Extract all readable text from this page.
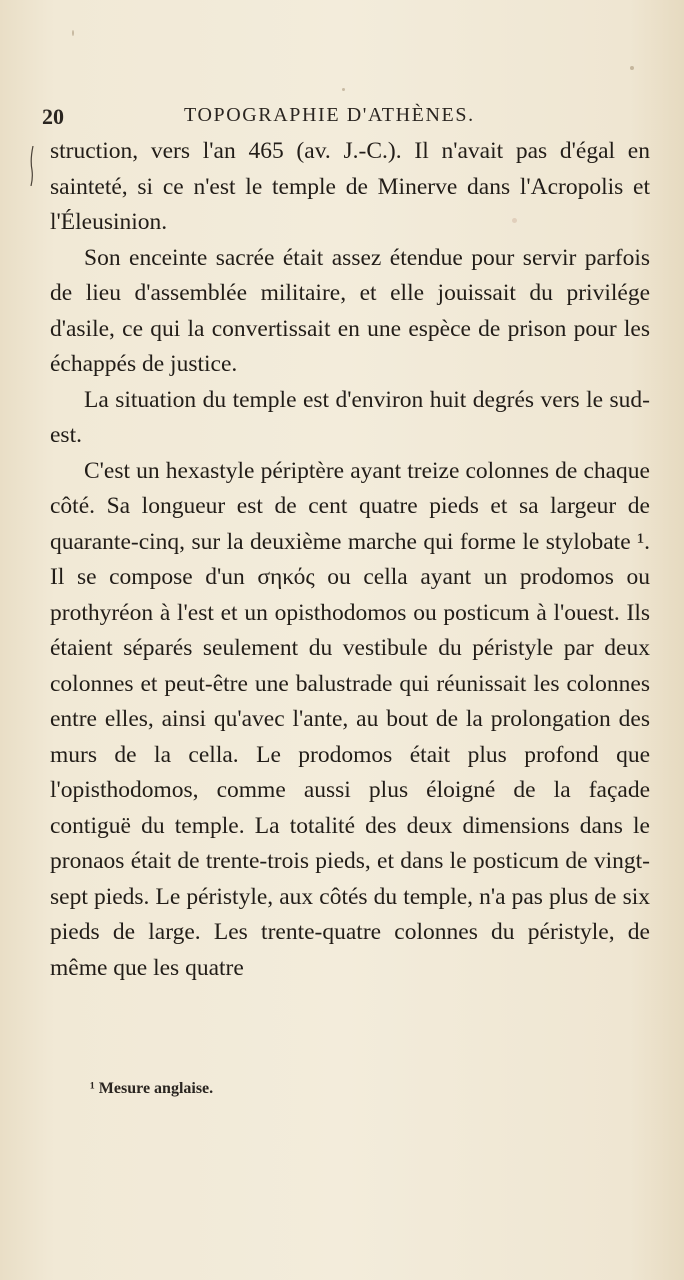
20	TOPOGRAPHIE D'ATHÈNES.

struction, vers l'an 465 (av. J.-C.). Il n'avait pas d'égal en sainteté, si ce n'est le temple de Minerve dans l'Acropolis et l'Éleusinion.

Son enceinte sacrée était assez étendue pour servir parfois de lieu d'assemblée militaire, et elle jouissait du privilége d'asile, ce qui la convertissait en une espèce de prison pour les échappés de justice.

La situation du temple est d'environ huit degrés vers le sud-est.

C'est un hexastyle périptère ayant treize colonnes de chaque côté. Sa longueur est de cent quatre pieds et sa largeur de quarante-cinq, sur la deuxième marche qui forme le stylobate ¹. Il se compose d'un σηκός ou cella ayant un prodomos ou prothyréon à l'est et un opisthodomos ou posticum à l'ouest. Ils étaient séparés seulement du vestibule du péristyle par deux colonnes et peut-être une balustrade qui réunissait les colonnes entre elles, ainsi qu'avec l'ante, au bout de la prolongation des murs de la cella. Le prodomos était plus profond que l'opisthodomos, comme aussi plus éloigné de la façade contiguë du temple. La totalité des deux dimensions dans le pronaos était de trente-trois pieds, et dans le posticum de vingt-sept pieds. Le péristyle, aux côtés du temple, n'a pas plus de six pieds de large. Les trente-quatre colonnes du péristyle, de même que les quatre

¹ Mesure anglaise.
